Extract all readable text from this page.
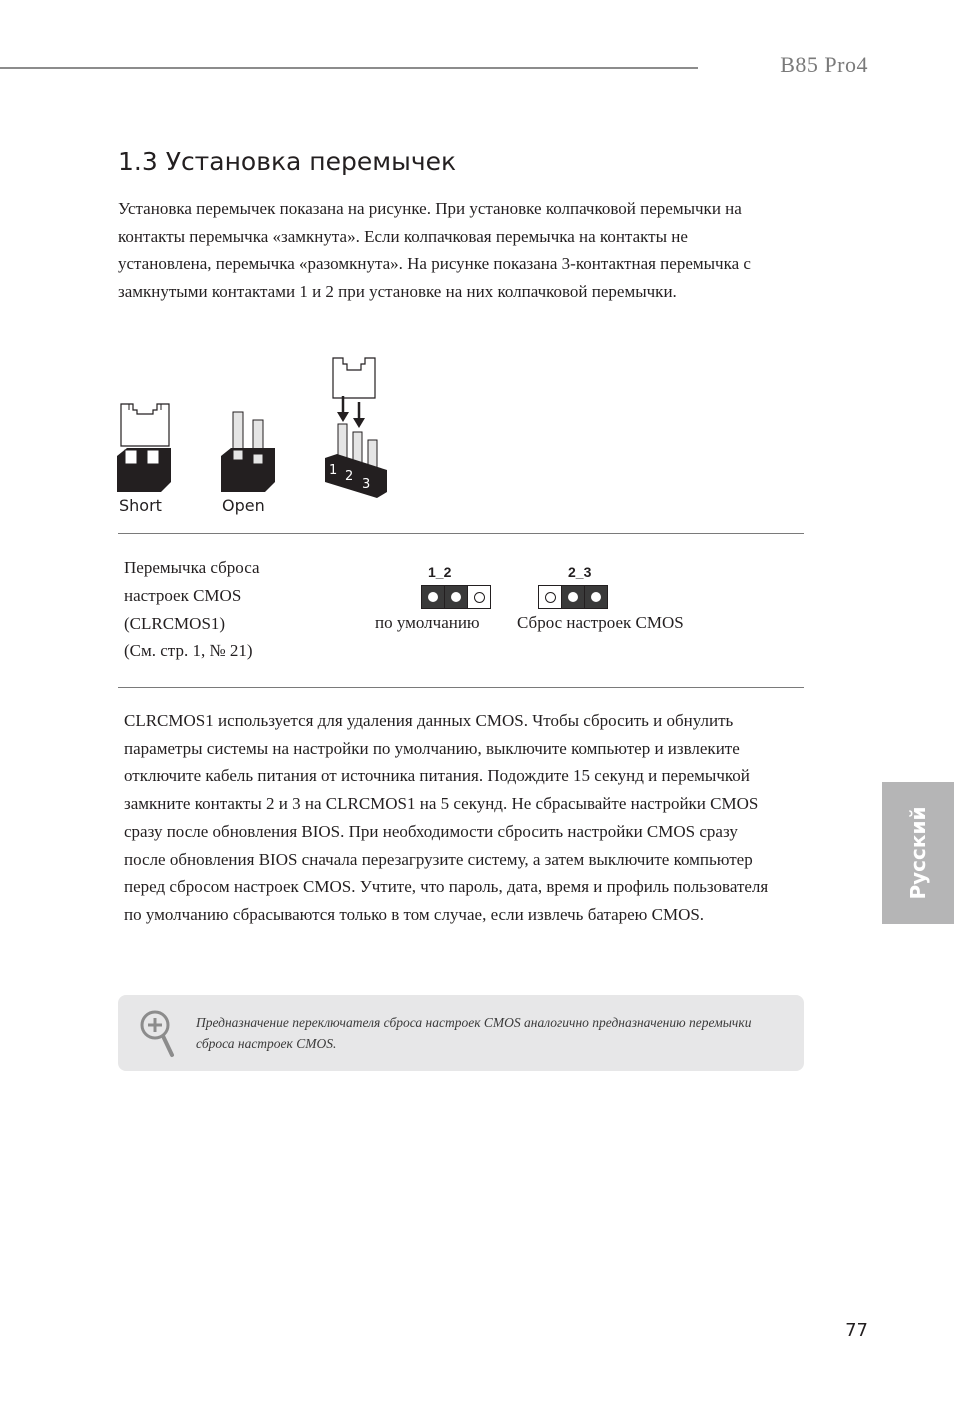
B85 Pro4
1.3 Установка перемычек

Установка перемычек показана на рисунке. При установке колпачковой перемычки на контакты перемычка «замкнута». Если колпачковая перемычка на контакты не установлена, перемычка «разомкнута». На рисунке показана 3-контактная перемычка с замкнутыми контактами 1 и 2 при установке на них колпачковой перемычки.

1 2
3
Short	Open
Перемычка сброса
настроек CMOS
(CLRCMOS1)
(См. стр. 1, № 21)
1_2
по умолчанию
2_3
Сброс настроек CMOS

CLRCMOS1 используется для удаления данных CMOS. Чтобы сбросить и обнулить параметры системы на настройки по умолчанию, выключите компьютер и извлеките отключите кабель питания от источника питания. Подождите 15 секунд и перемычкой замкните контакты 2 и 3 на CLRCMOS1 на 5 секунд. Не сбрасывайте настройки CMOS сразу после обновления BIOS. При необходимости сбросить настройки CMOS сразу после обновления BIOS сначала перезагрузите систему, а затем выключите компьютер перед сбросом настроек CMOS. Учтите, что пароль, дата, время и профиль пользователя по умолчанию сбрасываются только в том случае, если извлечь батарею CMOS.

Предназначение переключателя сброса настроек CMOS аналогично предназначению перемычки сброса настроек CMOS.

Русский
77
